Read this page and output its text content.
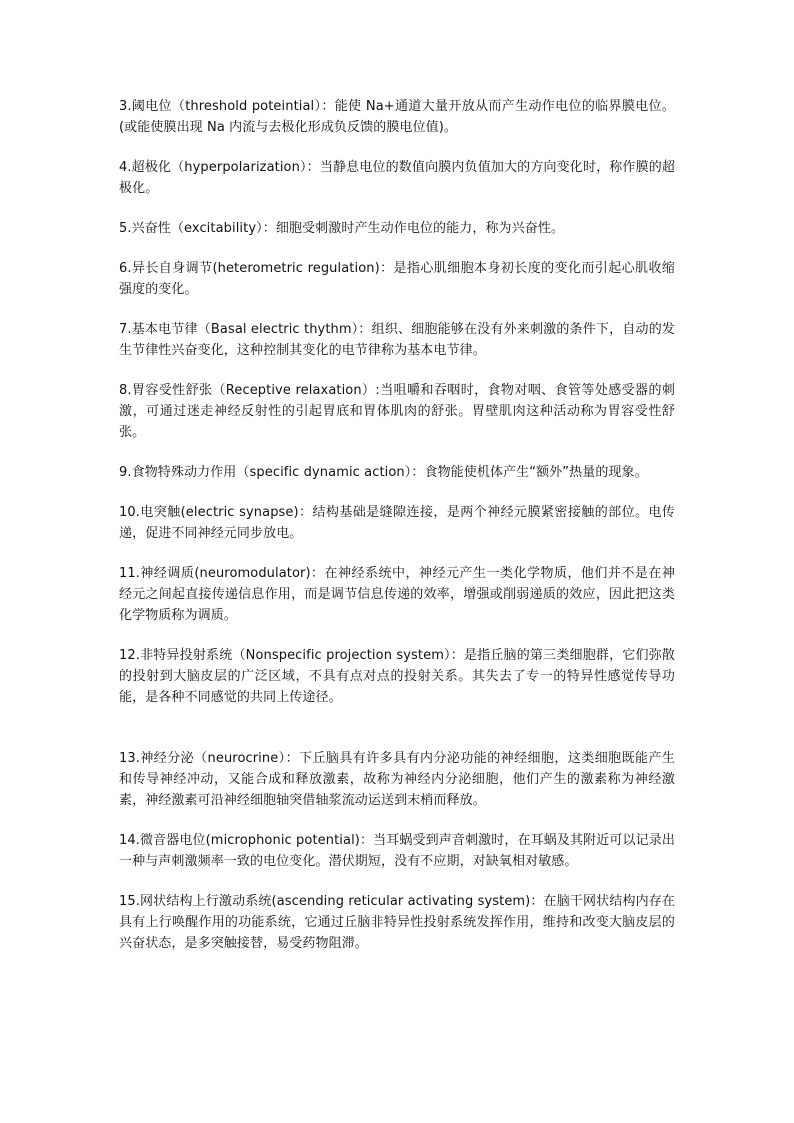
3.阈电位（threshold poteintial）：能使 Na+通道大量开放从而产生动作电位的临界膜电位。(或能使膜出现 Na 内流与去极化形成负反馈的膜电位值)。

4.超极化（hyperpolarization）：当静息电位的数值向膜内负值加大的方向变化时，称作膜的超极化。

5.兴奋性（excitability）：细胞受刺激时产生动作电位的能力，称为兴奋性。

6.异长自身调节(heterometric regulation)：是指心肌细胞本身初长度的变化而引起心肌收缩强度的变化。

7.基本电节律（Basal electric thythm）：组织、细胞能够在没有外来刺激的条件下，自动的发生节律性兴奋变化，这种控制其变化的电节律称为基本电节律。

8.胃容受性舒张（Receptive relaxation）:当咀嚼和吞咽时，食物对咽、食管等处感受器的刺激，可通过迷走神经反射性的引起胃底和胃体肌肉的舒张。胃壁肌肉这种活动称为胃容受性舒张。

9.食物特殊动力作用（specific dynamic action）：食物能使机体产生“额外”热量的现象。

10.电突触(electric synapse)：结构基础是缝隙连接，是两个神经元膜紧密接触的部位。电传递，促进不同神经元同步放电。

11.神经调质(neuromodulator)：在神经系统中，神经元产生一类化学物质，他们并不是在神经元之间起直接传递信息作用，而是调节信息传递的效率，增强或削弱递质的效应，因此把这类化学物质称为调质。

12.非特异投射系统（Nonspecific projection system）：是指丘脑的第三类细胞群，它们弥散的投射到大脑皮层的广泛区域，不具有点对点的投射关系。其失去了专一的特异性感觉传导功能，是各种不同感觉的共同上传途径。

13.神经分泌（neurocrine）：下丘脑具有许多具有内分泌功能的神经细胞，这类细胞既能产生和传导神经冲动，又能合成和释放激素，故称为神经内分泌细胞，他们产生的激素称为神经激素，神经激素可沿神经细胞轴突借轴浆流动运送到末梢而释放。

14.微音器电位(microphonic potential)：当耳蜗受到声音刺激时，在耳蜗及其附近可以记录出一种与声刺激频率一致的电位变化。潜伏期短，没有不应期，对缺氧相对敏感。

15.网状结构上行激动系统(ascending reticular activating system)：在脑干网状结构内存在具有上行唤醒作用的功能系统，它通过丘脑非特异性投射系统发挥作用，维持和改变大脑皮层的兴奋状态，是多突触接替，易受药物阻滞。
